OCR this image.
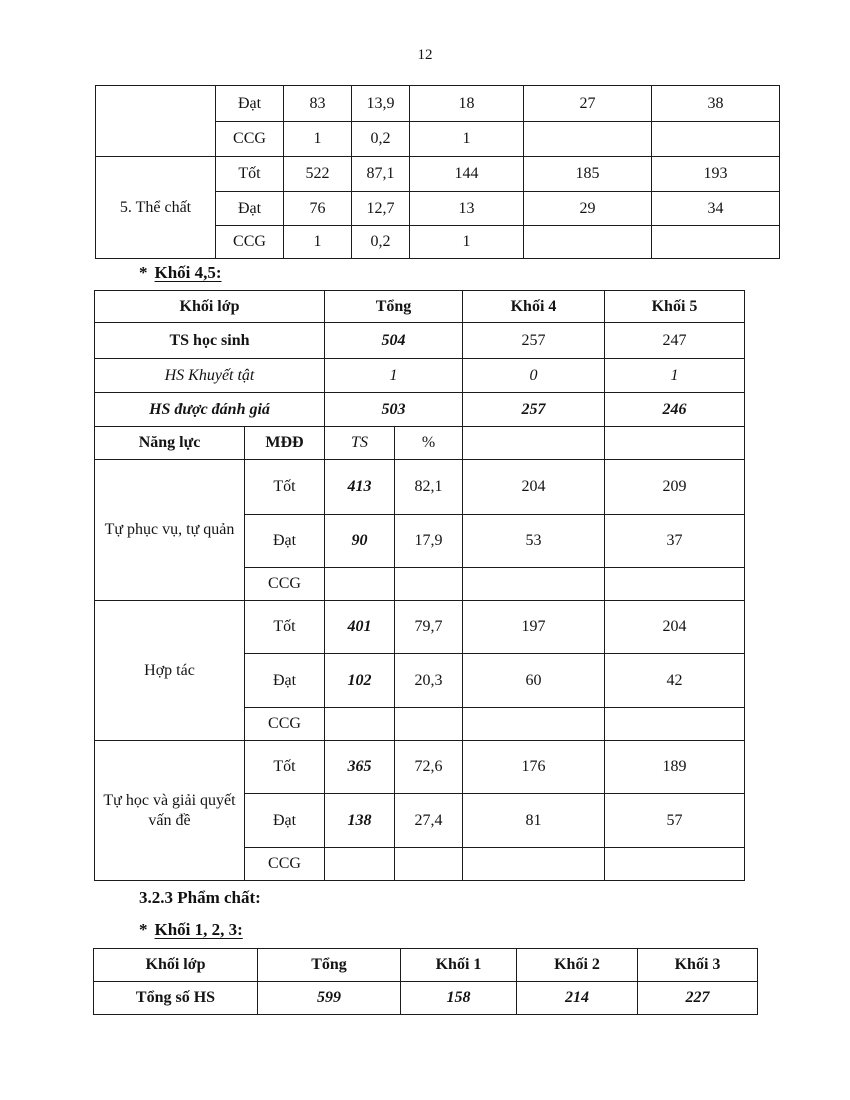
12
	Đạt	83	13,9	18	27	38
	CCG	1	0,2	1		
5. Thể chất	Tốt	522	87,1	144	185	193
	Đạt	76	12,7	13	29	34
	CCG	1	0,2	1		
* Khối 4,5:
Khối lớp		Tổng		Khối 4	Khối 5
TS học sinh		504		257	247
HS Khuyết tật		1		0	1
HS được đánh giá		503		257	246
Năng lực	MĐĐ	TS	%		
Tự phục vụ, tự quản	Tốt	413	82,1	204	209
	Đạt	90	17,9	53	37
	CCG				
Hợp tác	Tốt	401	79,7	197	204
	Đạt	102	20,3	60	42
	CCG				
Tự học và giải quyết vấn đề	Tốt	365	72,6	176	189
	Đạt	138	27,4	81	57
	CCG				
3.2.3 Phẩm chất:
* Khối 1, 2, 3:
Khối lớp	Tổng	Khối 1	Khối 2	Khối 3
Tổng số HS	599	158	214	227
